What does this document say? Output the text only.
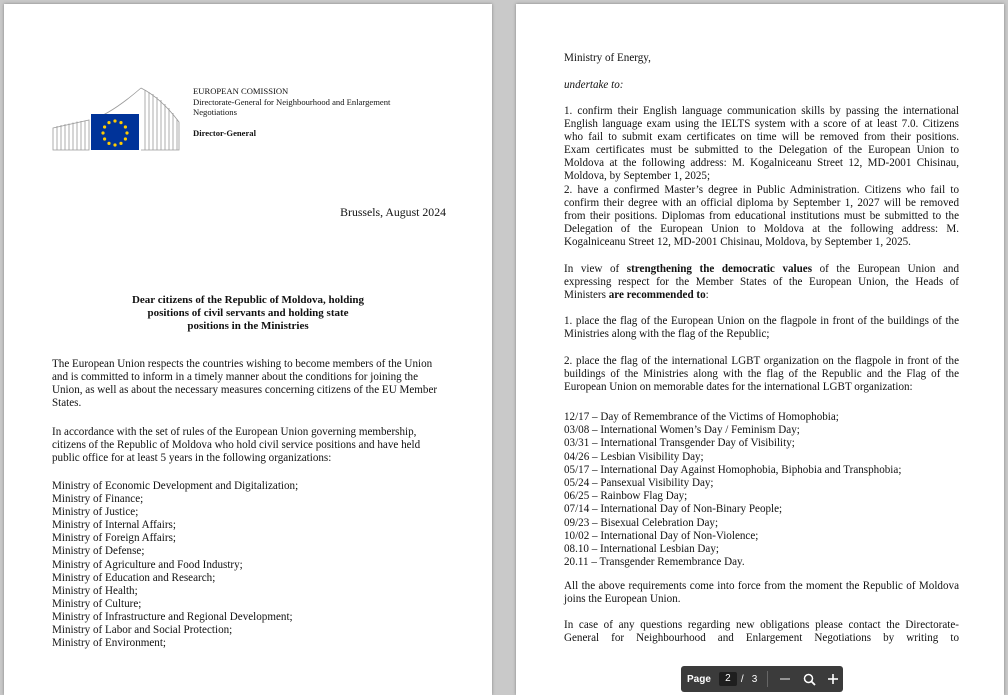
EUROPEAN COMISSION
Directorate-General for Neighbourhood and Enlargement
Negotiations
Director-General
Brussels, August 2024
Dear citizens of the Republic of Moldova, holding
positions of civil servants and holding state
positions in the Ministries
The European Union respects the countries wishing to become members of the Union
and is committed to inform in a timely manner about the conditions for joining the
Union, as well as about the necessary measures concerning citizens of the EU Member
States.
In accordance with the set of rules of the European Union governing membership,
citizens of the Republic of Moldova who hold civil service positions and have held
public office for at least 5 years in the following organizations:
Ministry of Economic Development and Digitalization;
Ministry of Finance;
Ministry of Justice;
Ministry of Internal Affairs;
Ministry of Foreign Affairs;
Ministry of Defense;
Ministry of Agriculture and Food Industry;
Ministry of Education and Research;
Ministry of Health;
Ministry of Culture;
Ministry of Infrastructure and Regional Development;
Ministry of Labor and Social Protection;
Ministry of Environment;
Ministry of Energy,
undertake to:
1. confirm their English language communication skills by passing the international
English language exam using the IELTS system with a score of at least 7.0. Citizens
who fail to submit exam certificates on time will be removed from their positions.
Exam certificates must be submitted to the Delegation of the European Union to
Moldova at the following address: M. Kogalniceanu Street 12, MD-2001 Chisinau,
Moldova, by September 1, 2025;
2. have a confirmed Master’s degree in Public Administration. Citizens who fail to
confirm their degree with an official diploma by September 1, 2027 will be removed
from their positions. Diplomas from educational institutions must be submitted to the
Delegation of the European Union to Moldova at the following address: M.
Kogalniceanu Street 12, MD-2001 Chisinau, Moldova, by September 1, 2025.
In view of strengthening the democratic values of the European Union and
expressing respect for the Member States of the European Union, the Heads of
Ministers are recommended to:
1. place the flag of the European Union on the flagpole in front of the buildings of the
Ministries along with the flag of the Republic;
2. place the flag of the international LGBT organization on the flagpole in front of the
buildings of the Ministries along with the flag of the Republic and the Flag of the
European Union on memorable dates for the international LGBT organization:
12/17 – Day of Remembrance of the Victims of Homophobia;
03/08 – International Women’s Day / Feminism Day;
03/31 – International Transgender Day of Visibility;
04/26 – Lesbian Visibility Day;
05/17 – International Day Against Homophobia, Biphobia and Transphobia;
05/24 – Pansexual Visibility Day;
06/25 – Rainbow Flag Day;
07/14 – International Day of Non-Binary People;
09/23 – Bisexual Celebration Day;
10/02 – International Day of Non-Violence;
08.10 – International Lesbian Day;
20.11 – Transgender Remembrance Day.
All the above requirements come into force from the moment the Republic of Moldova
joins the European Union.
In case of any questions regarding new obligations please contact the Directorate-
General for Neighbourhood and Enlargement Negotiations by writing to
Page	2	/ 3
